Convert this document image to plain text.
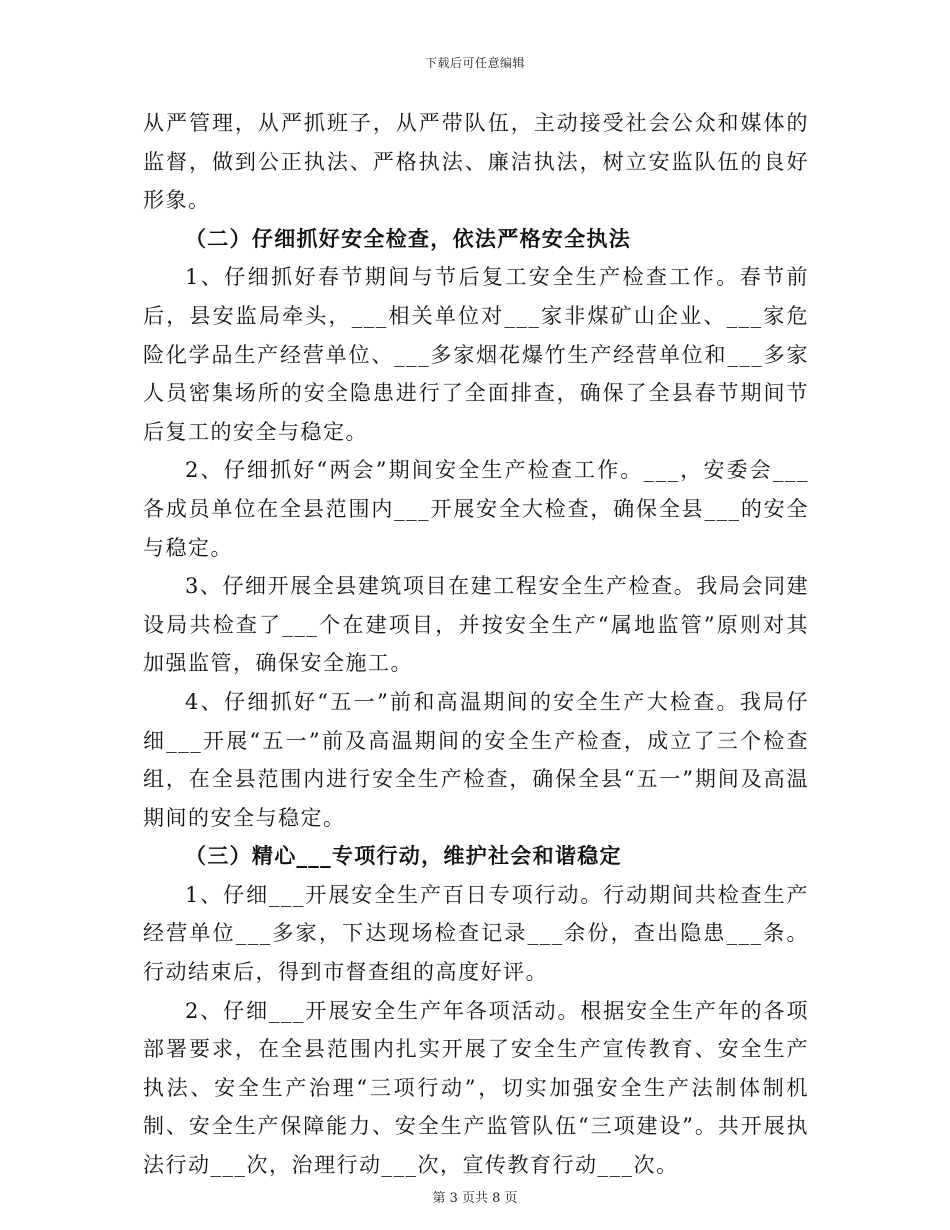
下载后可任意编辑

从严管理，从严抓班子，从严带队伍，主动接受社会公众和媒体的监督，做到公正执法、严格执法、廉洁执法，树立安监队伍的良好形象。

（二）仔细抓好安全检查，依法严格安全执法

1、仔细抓好春节期间与节后复工安全生产检查工作。春节前后，县安监局牵头，___相关单位对___家非煤矿山企业、___家危险化学品生产经营单位、___多家烟花爆竹生产经营单位和___多家人员密集场所的安全隐患进行了全面排查，确保了全县春节期间节后复工的安全与稳定。

2、仔细抓好“两会”期间安全生产检查工作。___，安委会___各成员单位在全县范围内___开展安全大检查，确保全县___的安全与稳定。

3、仔细开展全县建筑项目在建工程安全生产检查。我局会同建设局共检查了___个在建项目，并按安全生产“属地监管”原则对其加强监管，确保安全施工。

4、仔细抓好“五一”前和高温期间的安全生产大检查。我局仔细___开展“五一”前及高温期间的安全生产检查，成立了三个检查组，在全县范围内进行安全生产检查，确保全县“五一”期间及高温期间的安全与稳定。

（三）精心___专项行动，维护社会和谐稳定

1、仔细___开展安全生产百日专项行动。行动期间共检查生产经营单位___多家，下达现场检查记录___余份，查出隐患___条。行动结束后，得到市督查组的高度好评。

2、仔细___开展安全生产年各项活动。根据安全生产年的各项部署要求，在全县范围内扎实开展了安全生产宣传教育、安全生产执法、安全生产治理“三项行动”，切实加强安全生产法制体制机制、安全生产保障能力、安全生产监管队伍“三项建设”。共开展执法行动___次，治理行动___次，宣传教育行动___次。

第 3 页共 8 页
